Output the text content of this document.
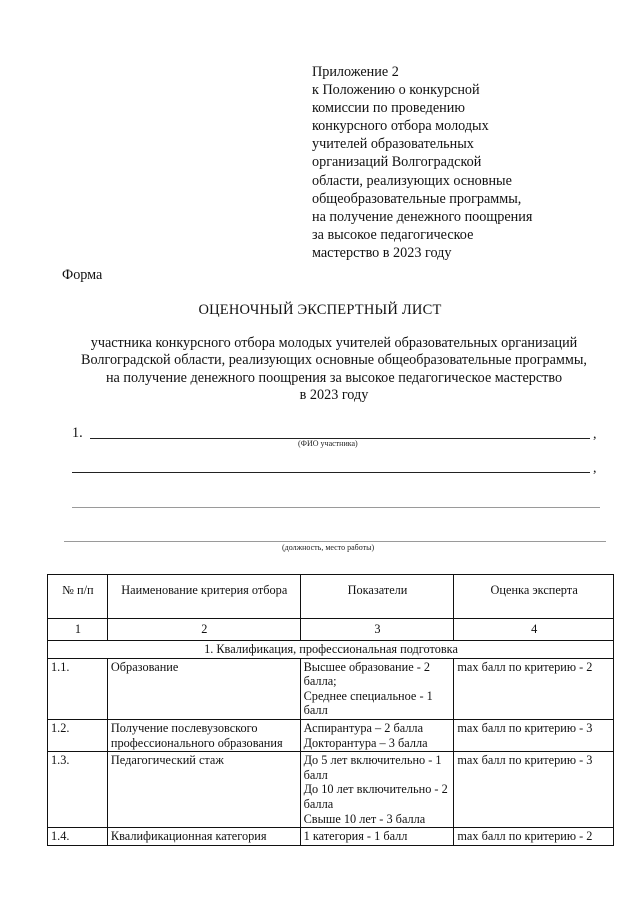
Приложение 2
к Положению о конкурсной
комиссии по проведению
конкурсного отбора молодых
учителей образовательных
организаций Волгоградской
области, реализующих основные
общеобразовательные программы,
на получение денежного поощрения
за высокое педагогическое
мастерство в 2023 году
Форма
ОЦЕНОЧНЫЙ ЭКСПЕРТНЫЙ ЛИСТ
участника конкурсного отбора молодых учителей образовательных организаций
Волгоградской области, реализующих основные общеобразовательные программы,
на получение денежного поощрения за высокое педагогическое мастерство
в 2023 году
1.	,
(ФИО участника)
,
(должность, место работы)
№ п/п	Наименование критерия отбора	Показатели	Оценка эксперта
1	2	3	4
1. Квалификация, профессиональная подготовка			
1.1.	Образование	Высшее образование - 2 балла;
Среднее специальное - 1 балл	max балл по критерию - 2
1.2.	Получение послевузовского профессионального образования	Аспирантура – 2 балла
Докторантура – 3 балла	max балл по критерию - 3
1.3.	Педагогический стаж	До 5 лет включительно - 1 балл
До 10 лет включительно - 2 балла
Свыше 10 лет - 3 балла	max балл по критерию - 3
1.4.	Квалификационная категория	1 категория - 1 балл	max балл по критерию - 2
